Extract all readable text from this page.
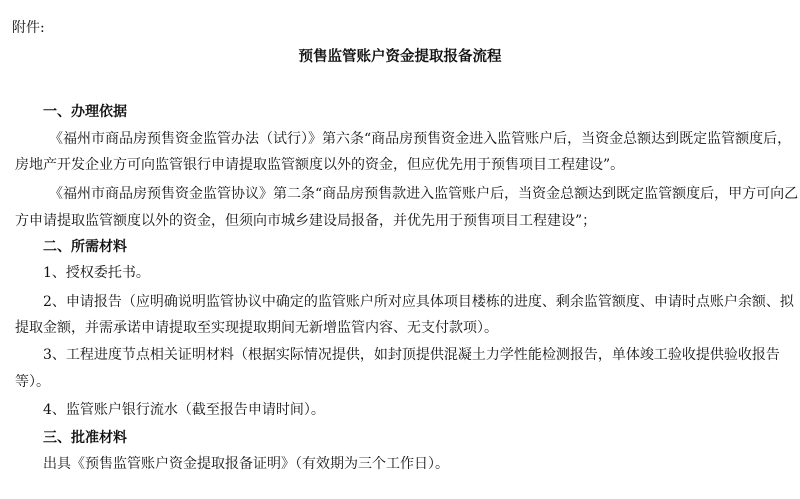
附件:
预售监管账户资金提取报备流程
一、办理依据
《福州市商品房预售资金监管办法（试行）》第六条“商品房预售资金进入监管账户后，当资金总额达到既定监管额度后，
房地产开发企业方可向监管银行申请提取监管额度以外的资金，但应优先用于预售项目工程建设”。
《福州市商品房预售资金监管协议》第二条“商品房预售款进入监管账户后，当资金总额达到既定监管额度后，甲方可向乙
方申请提取监管额度以外的资金，但须向市城乡建设局报备，并优先用于预售项目工程建设”；
二、所需材料
1、授权委托书。
2、申请报告（应明确说明监管协议中确定的监管账户所对应具体项目楼栋的进度、剩余监管额度、申请时点账户余额、拟
提取金额，并需承诺申请提取至实现提取期间无新增监管内容、无支付款项）。
3、工程进度节点相关证明材料（根据实际情况提供，如封顶提供混凝土力学性能检测报告，单体竣工验收提供验收报告
等）。
4、监管账户银行流水（截至报告申请时间）。
三、批准材料
出具《预售监管账户资金提取报备证明》（有效期为三个工作日）。
